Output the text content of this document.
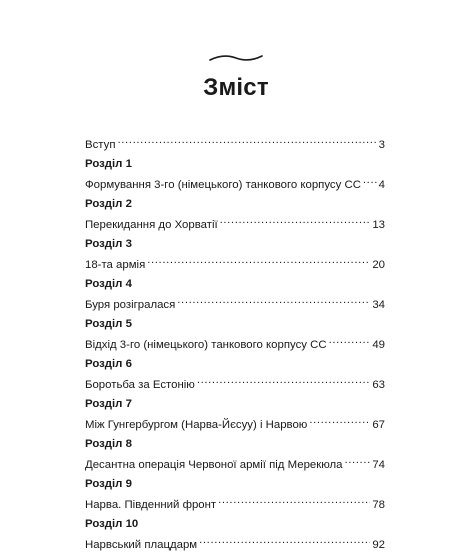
Зміст
Вступ .....	3
Розділ 1
Формування 3-го (німецького) танкового корпусу СС ..... 4
Розділ 2
Перекидання до Хорватії .....	13
Розділ 3
18-та армія .....	20
Розділ 4
Буря розігралася .....	34
Розділ 5
Відхід 3-го (німецького) танкового корпусу СС .....	49
Розділ 6
Боротьба за Естонію .....	63
Розділ 7
Між Гунгербургом (Нарва-Йєсуу) і Нарвою .....	67
Розділ 8
Десантна операція Червоної армії під Мерекюла .....	74
Розділ 9
Нарва. Південний фронт .....	78
Розділ 10
Нарвський плацдарм .....	92
